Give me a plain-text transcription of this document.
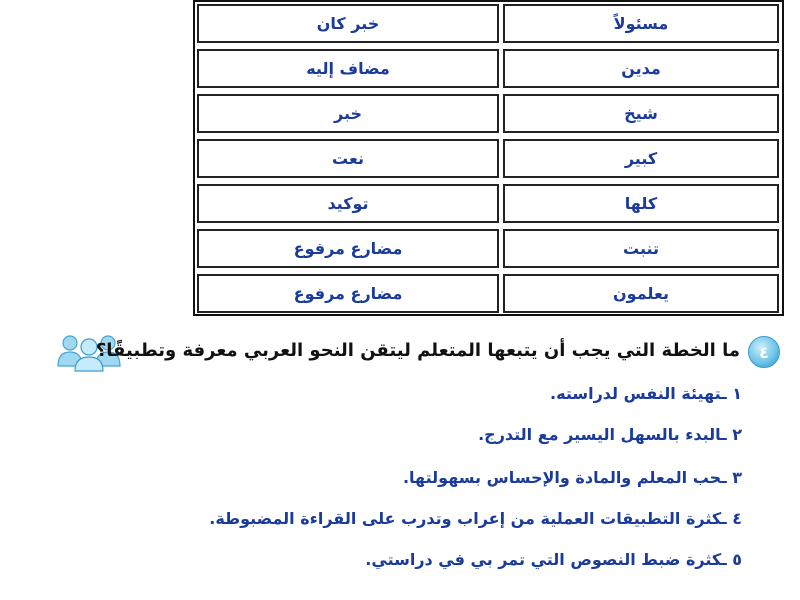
خبر كان	مسئولاً
مضاف إليه	مدين
خبر	شيخ
نعت	كبير
توكيد	كلها
مضارع مرفوع	تنبت
مضارع مرفوع	يعلمون
ما الخطة التي يجب أن يتبعها المتعلم ليتقن النحو العربي معرفة وتطبيقًا؟	٤
١ ـتهيئة النفس لدراسته.
٢ ـالبدء بالسهل اليسير مع التدرج.
٣ ـحب المعلم والمادة والإحساس بسهولتها.
٤ ـكثرة التطبيقات العملية من إعراب وتدرب على القراءة المضبوطة.
٥ ـكثرة ضبط النصوص التي تمر بي في دراستي.
